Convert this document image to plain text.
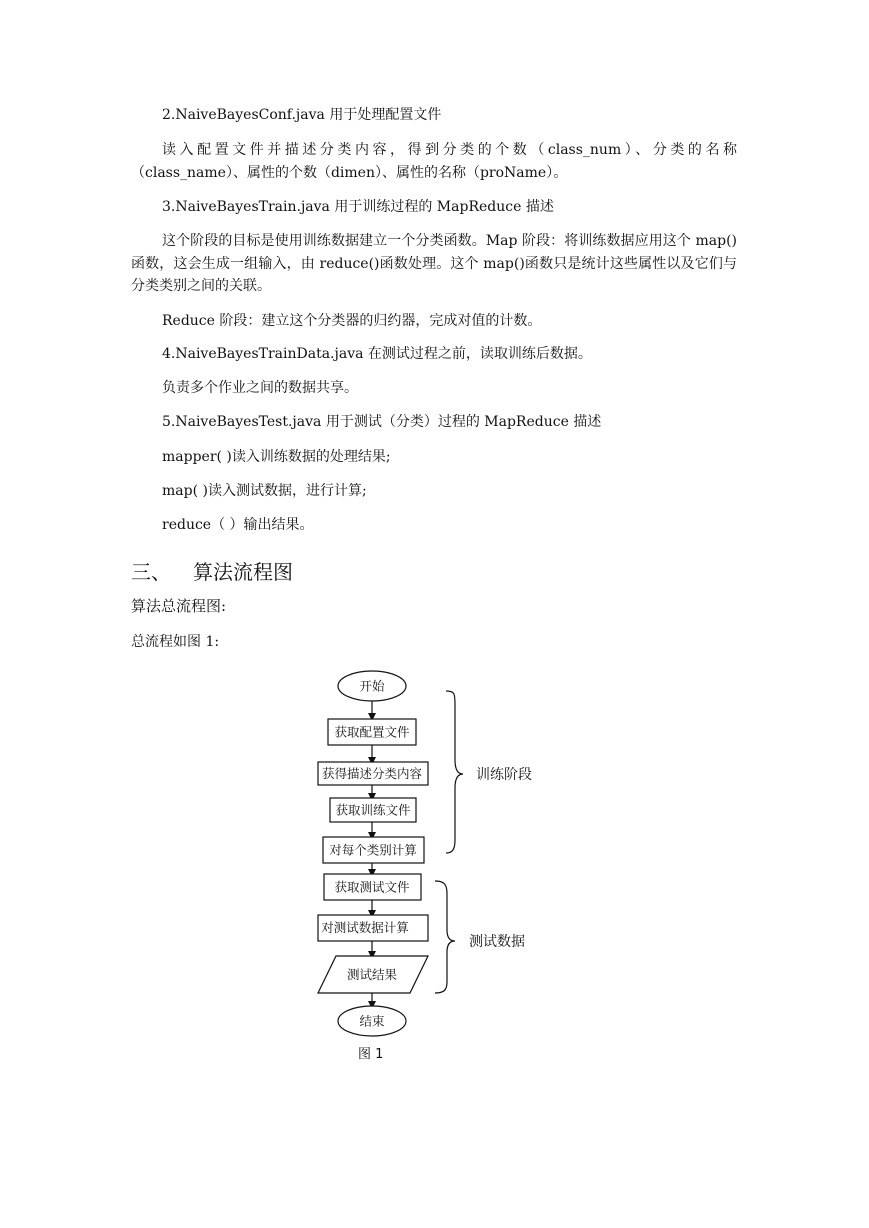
2.NaiveBayesConf.java 用于处理配置文件
读入配置文件并描述分类内容，得到分类的个数（class_num）、分类的名称（class_name）、属性的个数（dimen）、属性的名称（proName）。
3.NaiveBayesTrain.java 用于训练过程的 MapReduce 描述
这个阶段的目标是使用训练数据建立一个分类函数。Map 阶段：将训练数据应用这个 map()函数，这会生成一组输入，由 reduce()函数处理。这个 map()函数只是统计这些属性以及它们与分类类别之间的关联。
Reduce 阶段：建立这个分类器的归约器，完成对值的计数。
4.NaiveBayesTrainData.java 在测试过程之前，读取训练后数据。
负责多个作业之间的数据共享。
5.NaiveBayesTest.java 用于测试（分类）过程的 MapReduce 描述
mapper( )读入训练数据的处理结果;
map( )读入测试数据，进行计算;
reduce（ ）输出结果。
三、 算法流程图
算法总流程图:
总流程如图 1:
开始
获取配置文件
获得描述分类内容
获取训练文件
对每个类别计算
获取测试文件
对测试数据计算
测试结果
结束
训练阶段
测试数据
图 1
